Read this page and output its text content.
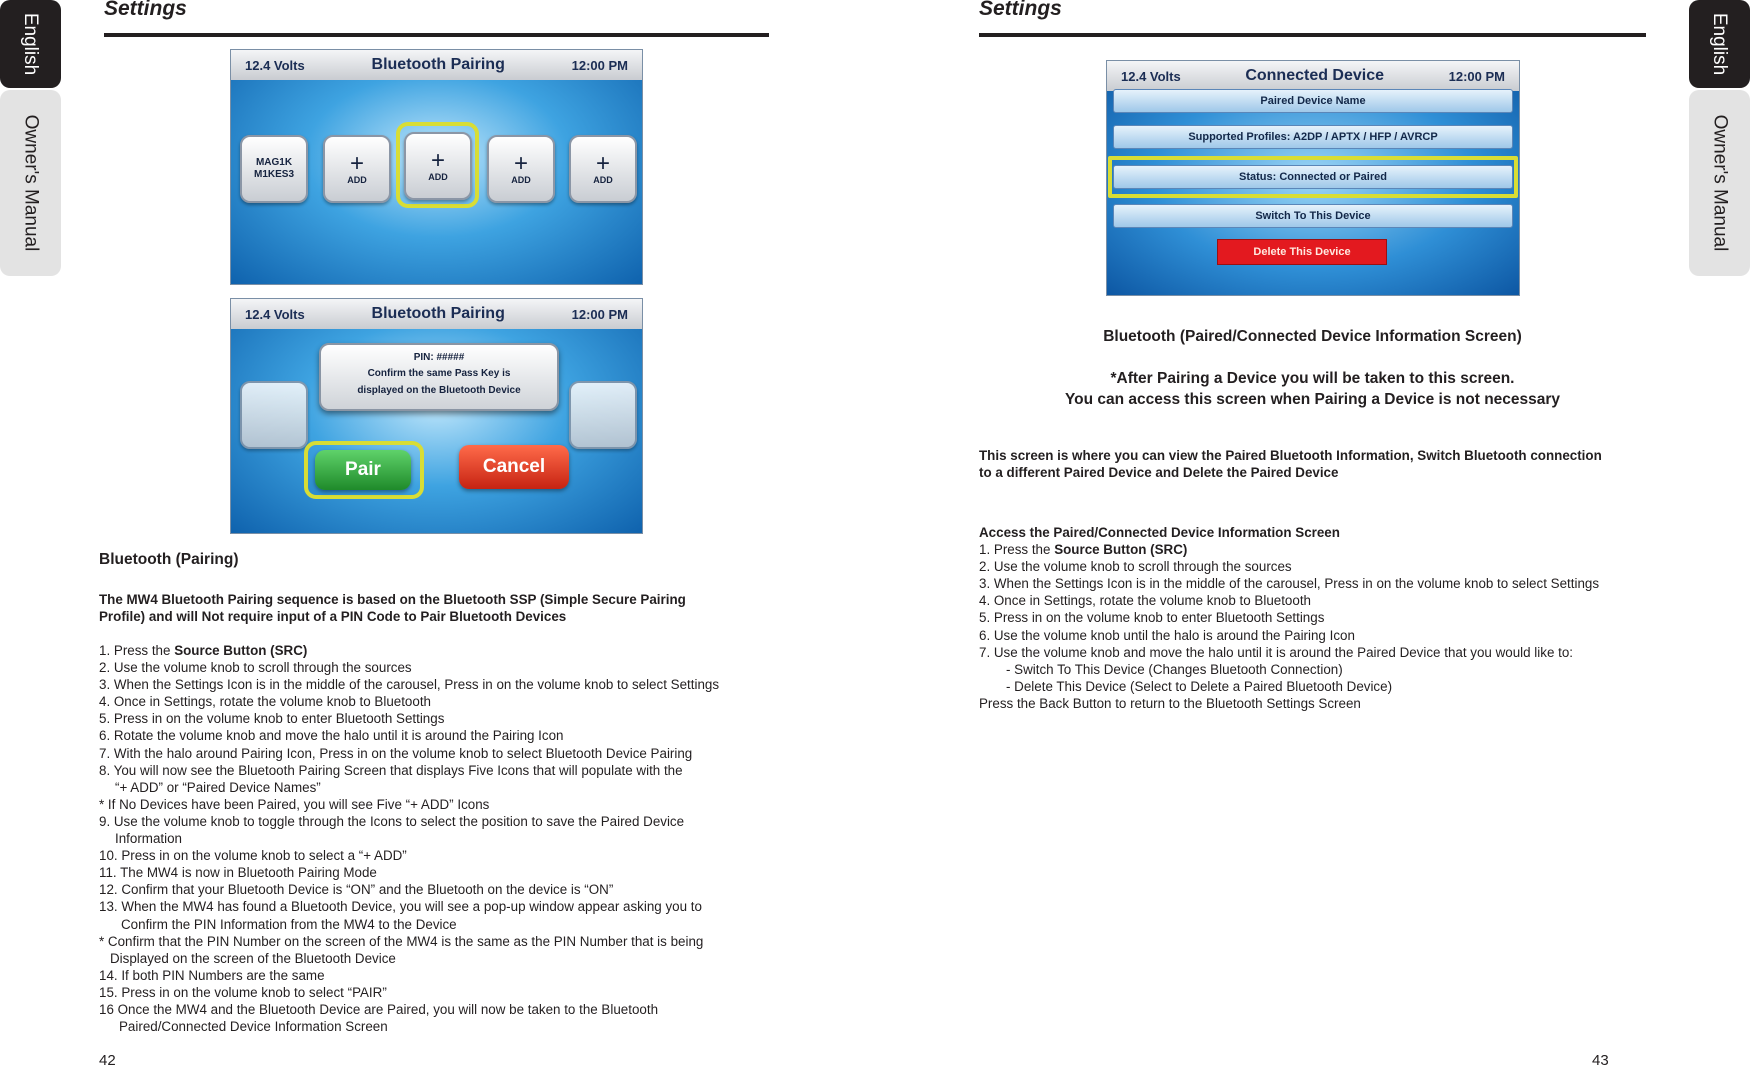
English
Owner's Manual
English
Owner's Manual
Settings
12.4 Volts	Bluetooth Pairing	12:00 PM
MAG1K
M1KES3 +
ADD
+
ADD	+
ADD
+
ADD
12.4 Volts	Bluetooth Pairing	12:00 PM
PIN: #####
Confirm the same Pass Key is
displayed on the Bluetooth Device
Pair	Cancel
Bluetooth (Pairing)
The MW4 Bluetooth Pairing sequence is based on the Bluetooth SSP (Simple Secure Pairing
Profile) and will Not require input of a PIN Code to Pair Bluetooth Devices
1. Press the Source Button (SRC)
2. Use the volume knob to scroll through the sources
3. When the Settings Icon is in the middle of the carousel, Press in on the volume knob to select Settings
4. Once in Settings, rotate the volume knob to Bluetooth
5. Press in on the volume knob to enter Bluetooth Settings
6. Rotate the volume knob and move the halo until it is around the Pairing Icon
7. With the halo around Pairing Icon, Press in on the volume knob to select Bluetooth Device Pairing
8. You will now see the Bluetooth Pairing Screen that displays Five Icons that will populate with the
“+ ADD” or “Paired Device Names”
* If No Devices have been Paired, you will see Five “+ ADD” Icons
9. Use the volume knob to toggle through the Icons to select the position to save the Paired Device
Information
10. Press in on the volume knob to select a “+ ADD”
11. The MW4 is now in Bluetooth Pairing Mode
12. Confirm that your Bluetooth Device is “ON” and the Bluetooth on the device is “ON”
13. When the MW4 has found a Bluetooth Device, you will see a pop-up window appear asking you to
Confirm the PIN Information from the MW4 to the Device
* Confirm that the PIN Number on the screen of the MW4 is the same as the PIN Number that is being
Displayed on the screen of the Bluetooth Device
14. If both PIN Numbers are the same
15. Press in on the volume knob to select “PAIR”
16 Once the MW4 and the Bluetooth Device are Paired, you will now be taken to the Bluetooth
Paired/Connected Device Information Screen
42
Settings
12.4 Volts	Connected Device	12:00 PM
Paired Device Name
Supported Profiles: A2DP / APTX / HFP / AVRCP
Status: Connected or Paired
Switch To This Device
Delete This Device
Bluetooth (Paired/Connected Device Information Screen)
*After Pairing a Device you will be taken to this screen.
You can access this screen when Pairing a Device is not necessary
This screen is where you can view the Paired Bluetooth Information, Switch Bluetooth connection
to a different Paired Device and Delete the Paired Device
Access the Paired/Connected Device Information Screen
1. Press the Source Button (SRC)
2. Use the volume knob to scroll through the sources
3. When the Settings Icon is in the middle of the carousel, Press in on the volume knob to select Settings
4. Once in Settings, rotate the volume knob to Bluetooth
5. Press in on the volume knob to enter Bluetooth Settings
6. Use the volume knob until the halo is around the Pairing Icon
7. Use the volume knob and move the halo until it is around the Paired Device that you would like to:
- Switch To This Device (Changes Bluetooth Connection)
- Delete This Device (Select to Delete a Paired Bluetooth Device)
Press the Back Button to return to the Bluetooth Settings Screen
43
